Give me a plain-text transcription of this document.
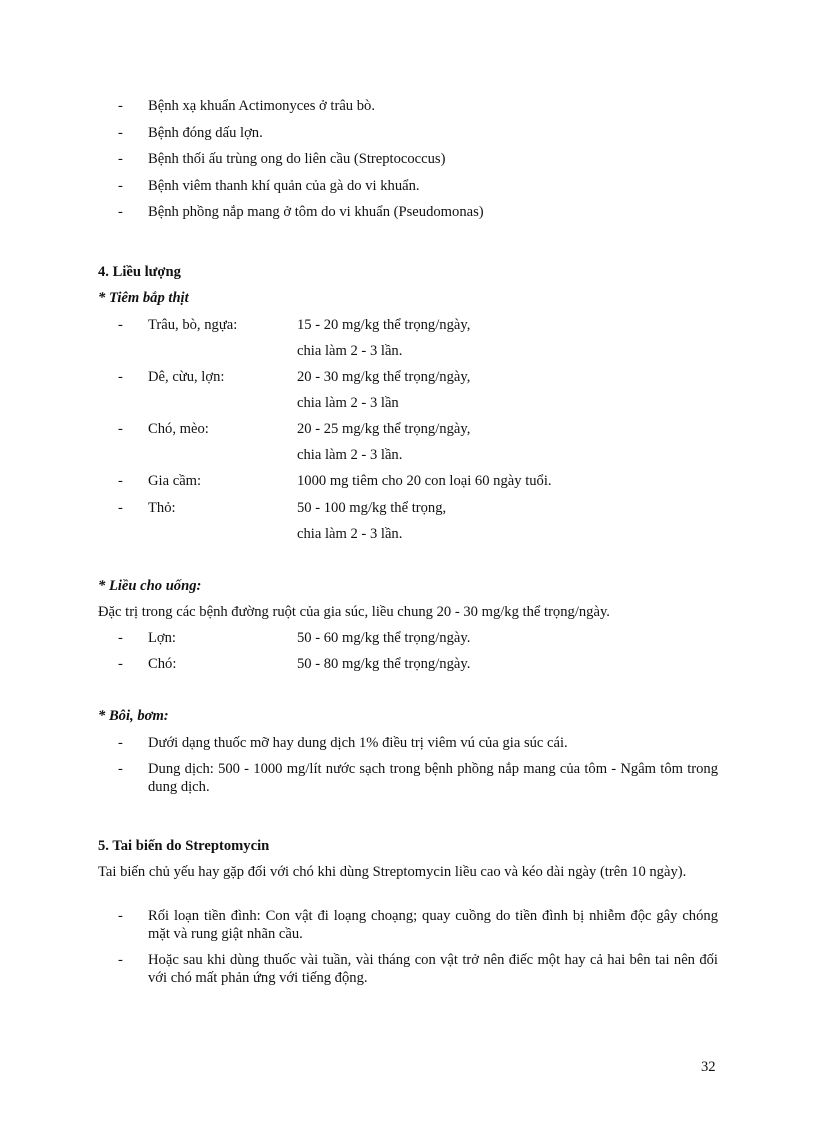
- Bệnh xạ khuẩn Actimonyces ở trâu bò.
- Bệnh đóng dấu lợn.
- Bệnh thối ấu trùng ong do liên cầu (Streptococcus)
- Bệnh viêm thanh khí quản của gà do vi khuẩn.
- Bệnh phồng nắp mang ở tôm do vi khuẩn (Pseudomonas)
4. Liều lượng
* Tiêm bắp thịt
- Trâu, bò, ngựa:	15 - 20 mg/kg thể trọng/ngày,
chia làm 2 - 3 lần.
- Dê, cừu, lợn:	20 - 30 mg/kg thể trọng/ngày,
chia làm 2 - 3 lần
- Chó, mèo:	20 - 25 mg/kg thể trọng/ngày,
chia làm 2 - 3 lần.
- Gia cầm:	1000 mg tiêm cho 20 con loại 60 ngày tuổi.
- Thỏ:	50 - 100 mg/kg thể trọng,
chia làm 2 - 3 lần.
* Liều cho uống:
Đặc trị trong các bệnh đường ruột của gia súc, liều chung 20 - 30 mg/kg thể trọng/ngày.
- Lợn:	50 - 60 mg/kg thể trọng/ngày.
- Chó:	50 - 80 mg/kg thể trọng/ngày.
* Bôi, bơm:
- Dưới dạng thuốc mỡ hay dung dịch 1% điều trị viêm vú của gia súc cái.
- Dung dịch: 500 - 1000 mg/lít nước sạch trong bệnh phồng nắp mang của tôm - Ngâm tôm trong dung dịch.
5. Tai biến do Streptomycin
Tai biến chủ yếu hay gặp đối với chó khi dùng Streptomycin liều cao và kéo dài ngày (trên 10 ngày).
- Rối loạn tiền đình: Con vật đi loạng choạng; quay cuồng do tiền đình bị nhiễm độc gây chóng mặt và rung giật nhãn cầu.
- Hoặc sau khi dùng thuốc vài tuần, vài tháng con vật trở nên điếc một hay cả hai bên tai nên đối với chó mất phản ứng với tiếng động.
32
